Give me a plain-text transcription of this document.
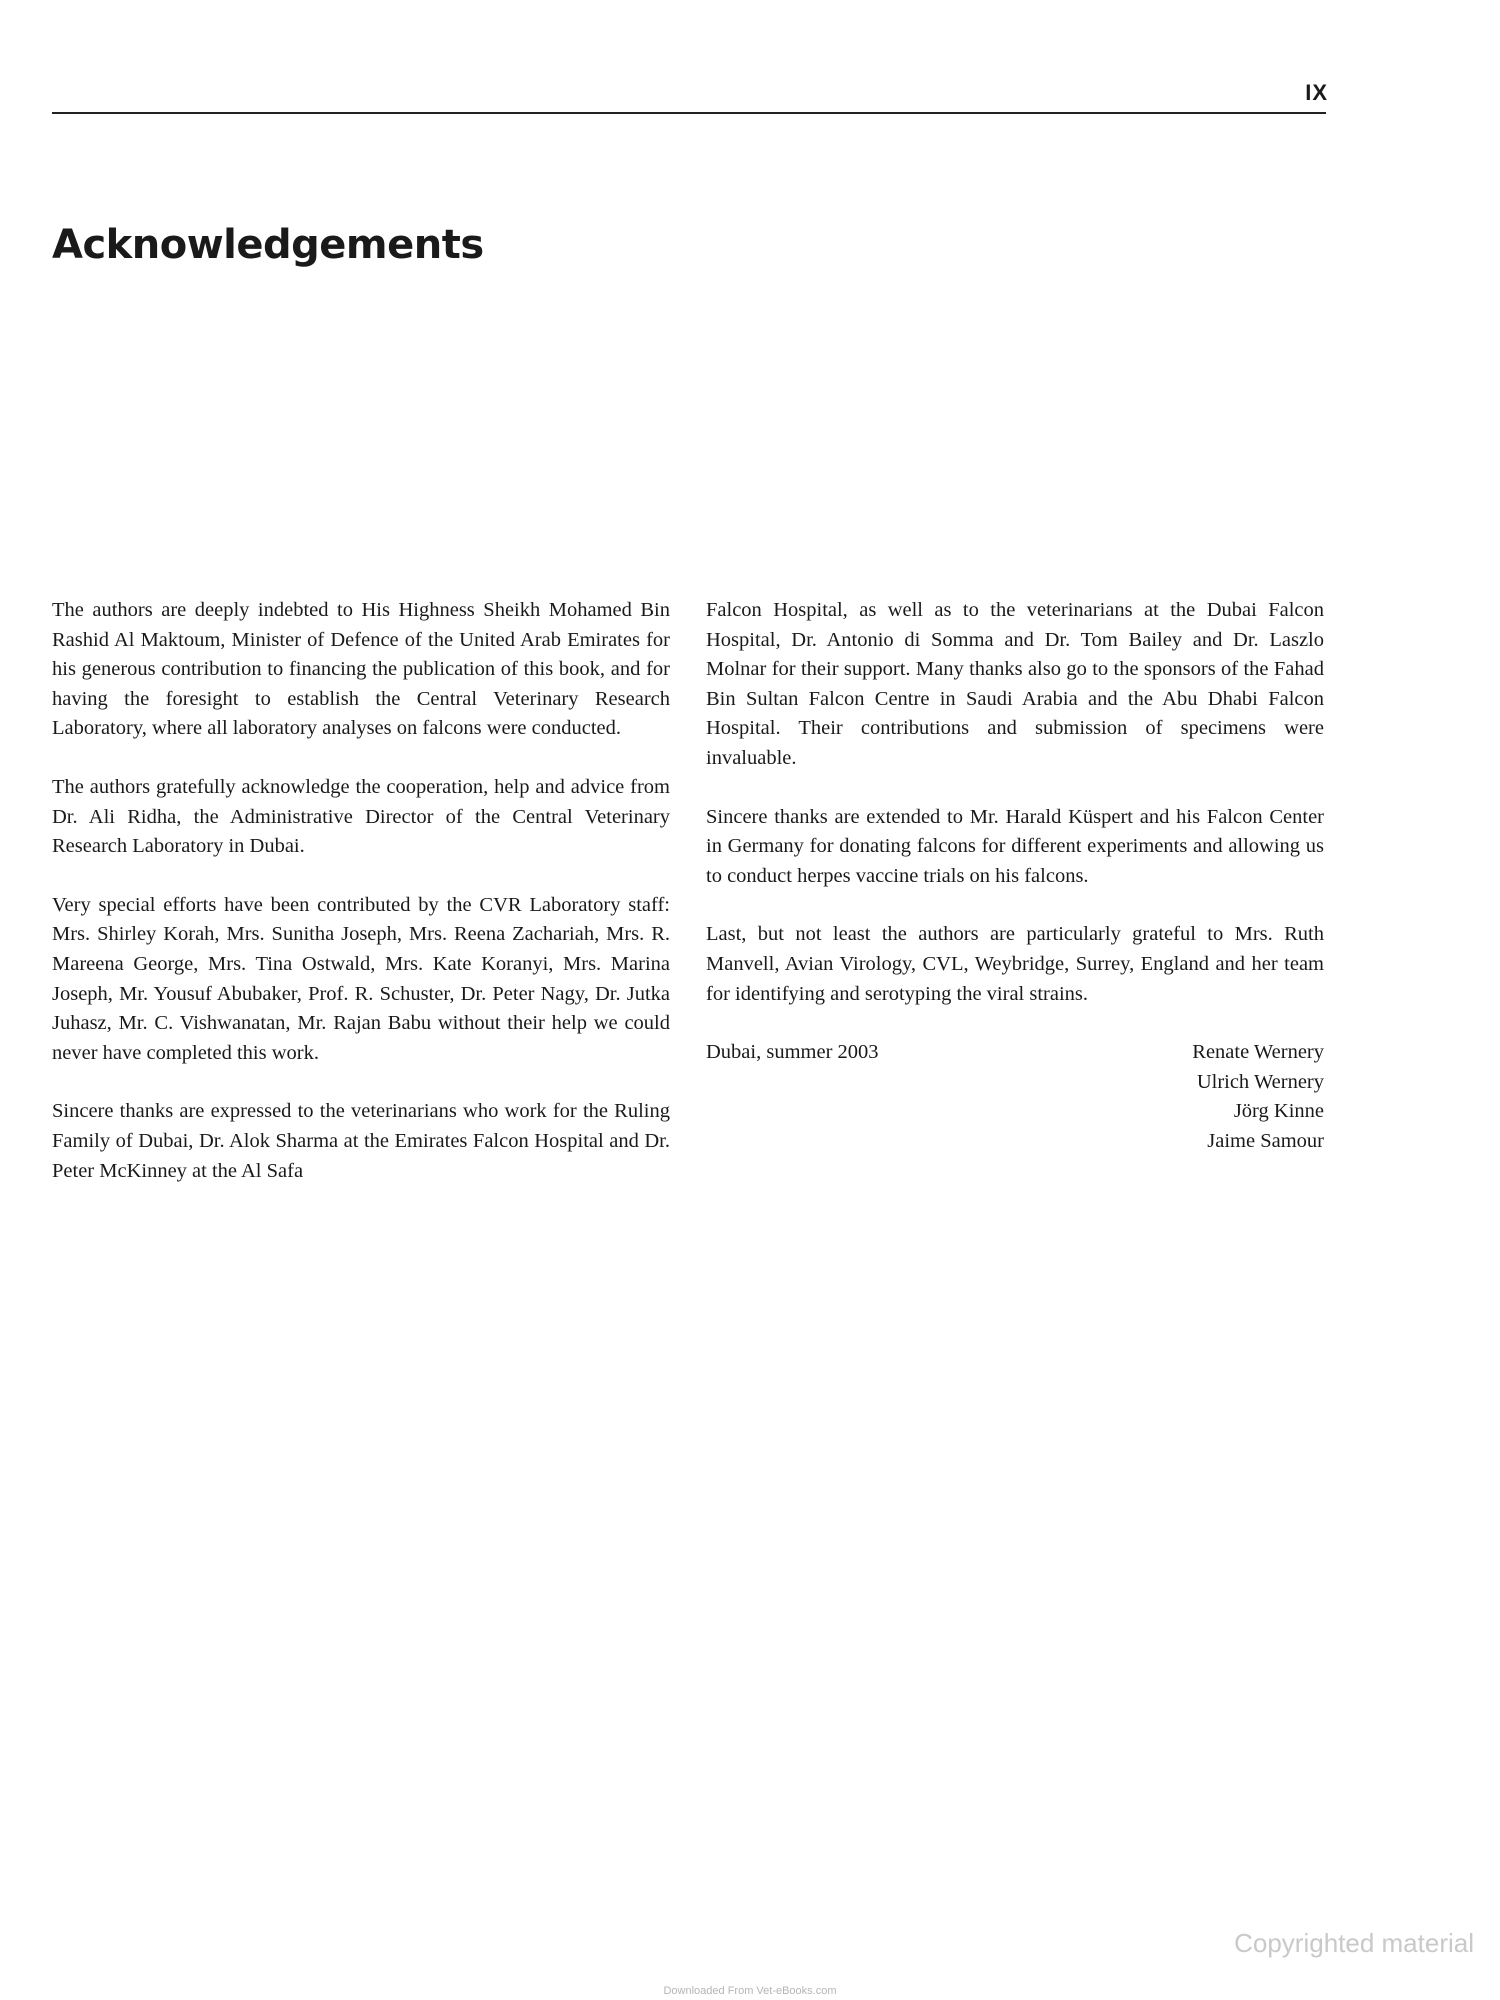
IX
Acknowledgements

The authors are deeply indebted to His Highness Sheikh Mohamed Bin Rashid Al Maktoum, Minister of Defence of the United Arab Emirates for his generous contribution to financing the publication of this book, and for having the foresight to establish the Central Veterinary Research Laboratory, where all laboratory analyses on falcons were conducted.

The authors gratefully acknowledge the cooperation, help and advice from Dr. Ali Ridha, the Administrative Director of the Central Veterinary Research Laboratory in Dubai.

Very special efforts have been contributed by the CVR Laboratory staff: Mrs. Shirley Korah, Mrs. Sunitha Joseph, Mrs. Reena Zachariah, Mrs. R. Mareena George, Mrs. Tina Ostwald, Mrs. Kate Koranyi, Mrs. Marina Joseph, Mr. Yousuf Abubaker, Prof. R. Schuster, Dr. Peter Nagy, Dr. Jutka Juhasz, Mr. C. Vishwanatan, Mr. Rajan Babu without their help we could never have completed this work.

Sincere thanks are expressed to the veterinarians who work for the Ruling Family of Dubai, Dr. Alok Sharma at the Emirates Falcon Hospital and Dr. Peter McKinney at the Al Safa

Falcon Hospital, as well as to the veterinarians at the Dubai Falcon Hospital, Dr. Antonio di Somma and Dr. Tom Bailey and Dr. Laszlo Molnar for their support. Many thanks also go to the sponsors of the Fahad Bin Sultan Falcon Centre in Saudi Arabia and the Abu Dhabi Falcon Hospital. Their contributions and submission of specimens were invaluable.

Sincere thanks are extended to Mr. Harald Küspert and his Falcon Center in Germany for donating falcons for different experiments and allowing us to conduct herpes vaccine trials on his falcons.

Last, but not least the authors are particularly grateful to Mrs. Ruth Manvell, Avian Virology, CVL, Weybridge, Surrey, England and her team for identifying and serotyping the viral strains.

Dubai, summer 2003	Renate Wernery
Ulrich Wernery
Jörg Kinne
Jaime Samour
Copyrighted material
Downloaded From Vet-eBooks.com
